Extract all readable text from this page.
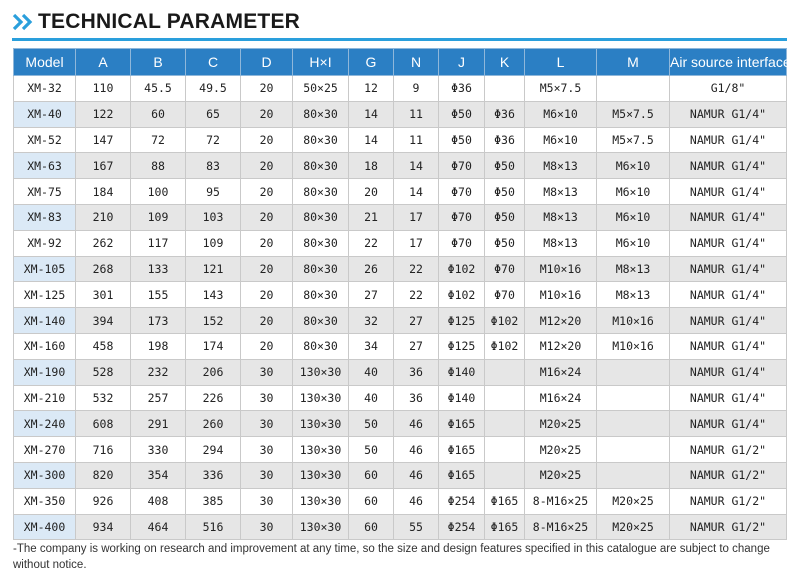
TECHNICAL PARAMETER
Model	A	B	C	D	H×I	G	N	J	K	L	M	Air source interface
XM-32	110	45.5	49.5	20	50×25	12	9	Φ36		M5×7.5		G1/8"
XM-40	122	60	65	20	80×30	14	11	Φ50	Φ36	M6×10	M5×7.5	NAMUR G1/4"
XM-52	147	72	72	20	80×30	14	11	Φ50	Φ36	M6×10	M5×7.5	NAMUR G1/4"
XM-63	167	88	83	20	80×30	18	14	Φ70	Φ50	M8×13	M6×10	NAMUR G1/4"
XM-75	184	100	95	20	80×30	20	14	Φ70	Φ50	M8×13	M6×10	NAMUR G1/4"
XM-83	210	109	103	20	80×30	21	17	Φ70	Φ50	M8×13	M6×10	NAMUR G1/4"
XM-92	262	117	109	20	80×30	22	17	Φ70	Φ50	M8×13	M6×10	NAMUR G1/4"
XM-105	268	133	121	20	80×30	26	22	Φ102	Φ70	M10×16	M8×13	NAMUR G1/4"
XM-125	301	155	143	20	80×30	27	22	Φ102	Φ70	M10×16	M8×13	NAMUR G1/4"
XM-140	394	173	152	20	80×30	32	27	Φ125	Φ102	M12×20	M10×16	NAMUR G1/4"
XM-160	458	198	174	20	80×30	34	27	Φ125	Φ102	M12×20	M10×16	NAMUR G1/4"
XM-190	528	232	206	30	130×30	40	36	Φ140		M16×24		NAMUR G1/4"
XM-210	532	257	226	30	130×30	40	36	Φ140		M16×24		NAMUR G1/4"
XM-240	608	291	260	30	130×30	50	46	Φ165		M20×25		NAMUR G1/4"
XM-270	716	330	294	30	130×30	50	46	Φ165		M20×25		NAMUR G1/2"
XM-300	820	354	336	30	130×30	60	46	Φ165		M20×25		NAMUR G1/2"
XM-350	926	408	385	30	130×30	60	46	Φ254	Φ165	8-M16×25	M20×25	NAMUR G1/2"
XM-400	934	464	516	30	130×30	60	55	Φ254	Φ165	8-M16×25	M20×25	NAMUR G1/2"
-The company is working on research and improvement at any time, so the size and design features specified in this catalogue are subject to change without notice.
